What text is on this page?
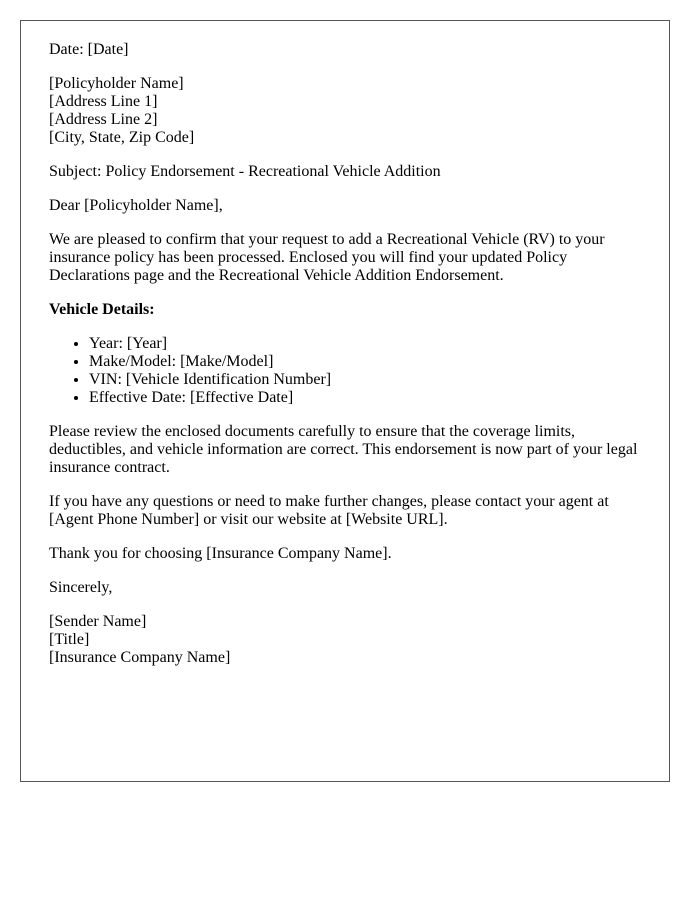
Date: [Date]

[Policyholder Name]
[Address Line 1]
[Address Line 2]
[City, State, Zip Code]

Subject: Policy Endorsement - Recreational Vehicle Addition

Dear [Policyholder Name],

We are pleased to confirm that your request to add a Recreational Vehicle (RV) to your insurance policy has been processed. Enclosed you will find your updated Policy Declarations page and the Recreational Vehicle Addition Endorsement.

Vehicle Details:

• Year: [Year]
• Make/Model: [Make/Model]
• VIN: [Vehicle Identification Number]
• Effective Date: [Effective Date]

Please review the enclosed documents carefully to ensure that the coverage limits, deductibles, and vehicle information are correct. This endorsement is now part of your legal insurance contract.

If you have any questions or need to make further changes, please contact your agent at [Agent Phone Number] or visit our website at [Website URL].

Thank you for choosing [Insurance Company Name].

Sincerely,

[Sender Name]
[Title]
[Insurance Company Name]
